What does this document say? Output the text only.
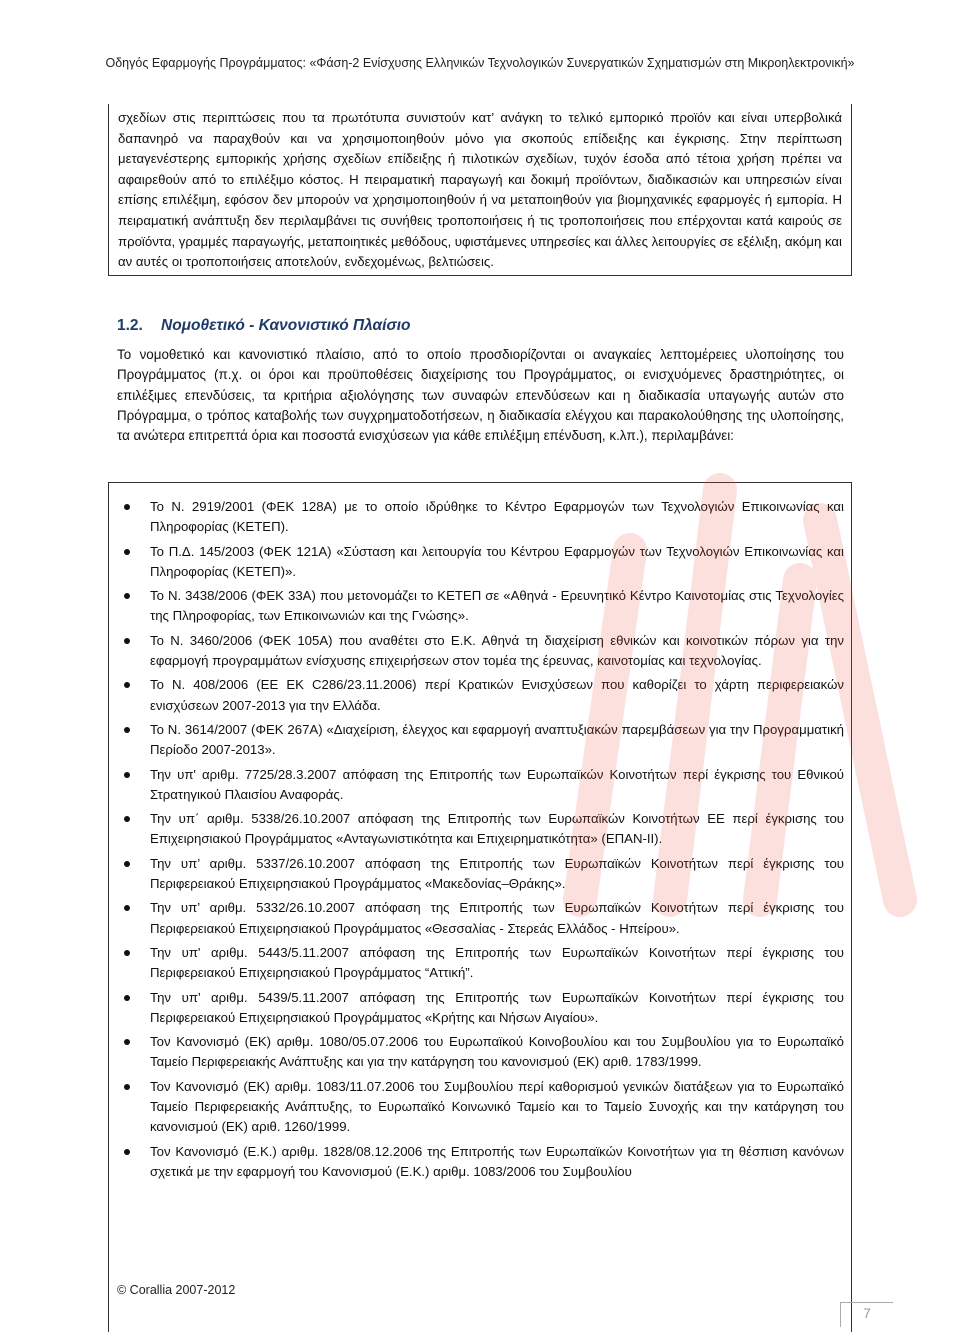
Οδηγός Εφαρμογής Προγράμματος: «Φάση-2 Ενίσχυσης Ελληνικών Τεχνολογικών Συνεργατικών Σχηματισμών στη Μικροηλεκτρονική»
σχεδίων στις περιπτώσεις που τα πρωτότυπα συνιστούν κατ’ ανάγκη το τελικό εμπορικό προϊόν και είναι υπερβολικά δαπανηρό να παραχθούν και να χρησιμοποιηθούν μόνο για σκοπούς επίδειξης και έγκρισης. Στην περίπτωση μεταγενέστερης εμπορικής χρήσης σχεδίων επίδειξης ή πιλοτικών σχεδίων, τυχόν έσοδα από τέτοια χρήση πρέπει να αφαιρεθούν από το επιλέξιμο κόστος. Η πειραματική παραγωγή και δοκιμή προϊόντων, διαδικασιών και υπηρεσιών είναι επίσης επιλέξιμη, εφόσον δεν μπορούν να χρησιμοποιηθούν ή να μεταποιηθούν για βιομηχανικές εφαρμογές ή εμπορία. Η πειραματική ανάπτυξη δεν περιλαμβάνει τις συνήθεις τροποποιήσεις ή τις τροποποιήσεις που επέρχονται κατά καιρούς σε προϊόντα, γραμμές παραγωγής, μεταποιητικές μεθόδους, υφιστάμενες υπηρεσίες και άλλες λειτουργίες σε εξέλιξη, ακόμη και αν αυτές οι τροποποιήσεις αποτελούν, ενδεχομένως, βελτιώσεις.
1.2. Νομοθετικό - Κανονιστικό Πλαίσιο
Το νομοθετικό και κανονιστικό πλαίσιο, από το οποίο προσδιορίζονται οι αναγκαίες λεπτομέρειες υλοποίησης του Προγράμματος (π.χ. οι όροι και προϋποθέσεις διαχείρισης του Προγράμματος, οι ενισχυόμενες δραστηριότητες, οι επιλέξιμες επενδύσεις, τα κριτήρια αξιολόγησης των συναφών επενδύσεων και η διαδικασία υπαγωγής αυτών στο Πρόγραμμα, ο τρόπος καταβολής των συγχρηματοδοτήσεων, η διαδικασία ελέγχου και παρακολούθησης της υλοποίησης, τα ανώτερα επιτρεπτά όρια και ποσοστά ενισχύσεων για κάθε επιλέξιμη επένδυση, κ.λπ.), περιλαμβάνει:
Το Ν. 2919/2001 (ΦΕΚ 128Α) με το οποίο ιδρύθηκε το Κέντρο Εφαρμογών των Τεχνολογιών Επικοινωνίας και Πληροφορίας (ΚΕΤΕΠ).
Το Π.Δ. 145/2003 (ΦΕΚ 121Α) «Σύσταση και λειτουργία του Κέντρου Εφαρμογών των Τεχνολογιών Επικοινωνίας και Πληροφορίας (ΚΕΤΕΠ)».
Το Ν. 3438/2006 (ΦΕΚ 33Α) που μετονομάζει το ΚΕΤΕΠ σε «Αθηνά - Ερευνητικό Κέντρο Καινοτομίας στις Τεχνολογίες της Πληροφορίας, των Επικοινωνιών και της Γνώσης».
Το Ν. 3460/2006 (ΦΕΚ 105Α) που αναθέτει στο Ε.Κ. Αθηνά τη διαχείριση εθνικών και κοινοτικών πόρων για την εφαρμογή προγραμμάτων ενίσχυσης επιχειρήσεων στον τομέα της έρευνας, καινοτομίας και τεχνολογίας.
Το Ν. 408/2006 (ΕΕ ΕΚ C286/23.11.2006) περί Κρατικών Ενισχύσεων που καθορίζει το χάρτη περιφερειακών ενισχύσεων 2007-2013 για την Ελλάδα.
Το Ν. 3614/2007 (ΦΕΚ 267Α) «Διαχείριση, έλεγχος και εφαρμογή αναπτυξιακών παρεμβάσεων για την Προγραμματική Περίοδο 2007-2013».
Την υπ' αριθμ. 7725/28.3.2007 απόφαση της Επιτροπής των Ευρωπαϊκών Κοινοτήτων περί έγκρισης του Εθνικού Στρατηγικού Πλαισίου Αναφοράς.
Την υπ΄ αριθμ. 5338/26.10.2007 απόφαση της Επιτροπής των Ευρωπαϊκών Κοινοτήτων ΕΕ περί έγκρισης του Επιχειρησιακού Προγράμματος «Ανταγωνιστικότητα και Επιχειρηματικότητα» (ΕΠΑΝ-ΙΙ).
Την υπ’ αριθμ. 5337/26.10.2007 απόφαση της Επιτροπής των Ευρωπαϊκών Κοινοτήτων περί έγκρισης του Περιφερειακού Επιχειρησιακού Προγράμματος «Μακεδονίας–Θράκης».
Την υπ’ αριθμ. 5332/26.10.2007 απόφαση της Επιτροπής των Ευρωπαϊκών Κοινοτήτων περί έγκρισης του Περιφερειακού Επιχειρησιακού Προγράμματος «Θεσσαλίας - Στερεάς Ελλάδος - Ηπείρου».
Την υπ' αριθμ. 5443/5.11.2007 απόφαση της Επιτροπής των Ευρωπαϊκών Κοινοτήτων περί έγκρισης του Περιφερειακού Επιχειρησιακού Προγράμματος “Αττική”.
Την υπ’ αριθμ. 5439/5.11.2007 απόφαση της Επιτροπής των Ευρωπαϊκών Κοινοτήτων περί έγκρισης του Περιφερειακού Επιχειρησιακού Προγράμματος «Κρήτης και Νήσων Αιγαίου».
Τον Κανονισμό (ΕΚ) αριθμ. 1080/05.07.2006 του Ευρωπαϊκού Κοινοβουλίου και του Συμβουλίου για το Ευρωπαϊκό Ταμείο Περιφερειακής Ανάπτυξης και για την κατάργηση του κανονισμού (ΕΚ) αριθ. 1783/1999.
Τον Κανονισμό (ΕΚ) αριθμ. 1083/11.07.2006 του Συμβουλίου περί καθορισμού γενικών διατάξεων για το Ευρωπαϊκό Ταμείο Περιφερειακής Ανάπτυξης, το Ευρωπαϊκό Κοινωνικό Ταμείο και το Ταμείο Συνοχής και την κατάργηση του κανονισμού (ΕΚ) αριθ. 1260/1999.
Τον Κανονισμό (Ε.Κ.) αριθμ. 1828/08.12.2006 της Επιτροπής των Ευρωπαϊκών Κοινοτήτων για τη θέσπιση κανόνων σχετικά με την εφαρμογή του Κανονισμού (Ε.Κ.) αριθμ. 1083/2006 του Συμβουλίου
© Corallia 2007-2012
7
